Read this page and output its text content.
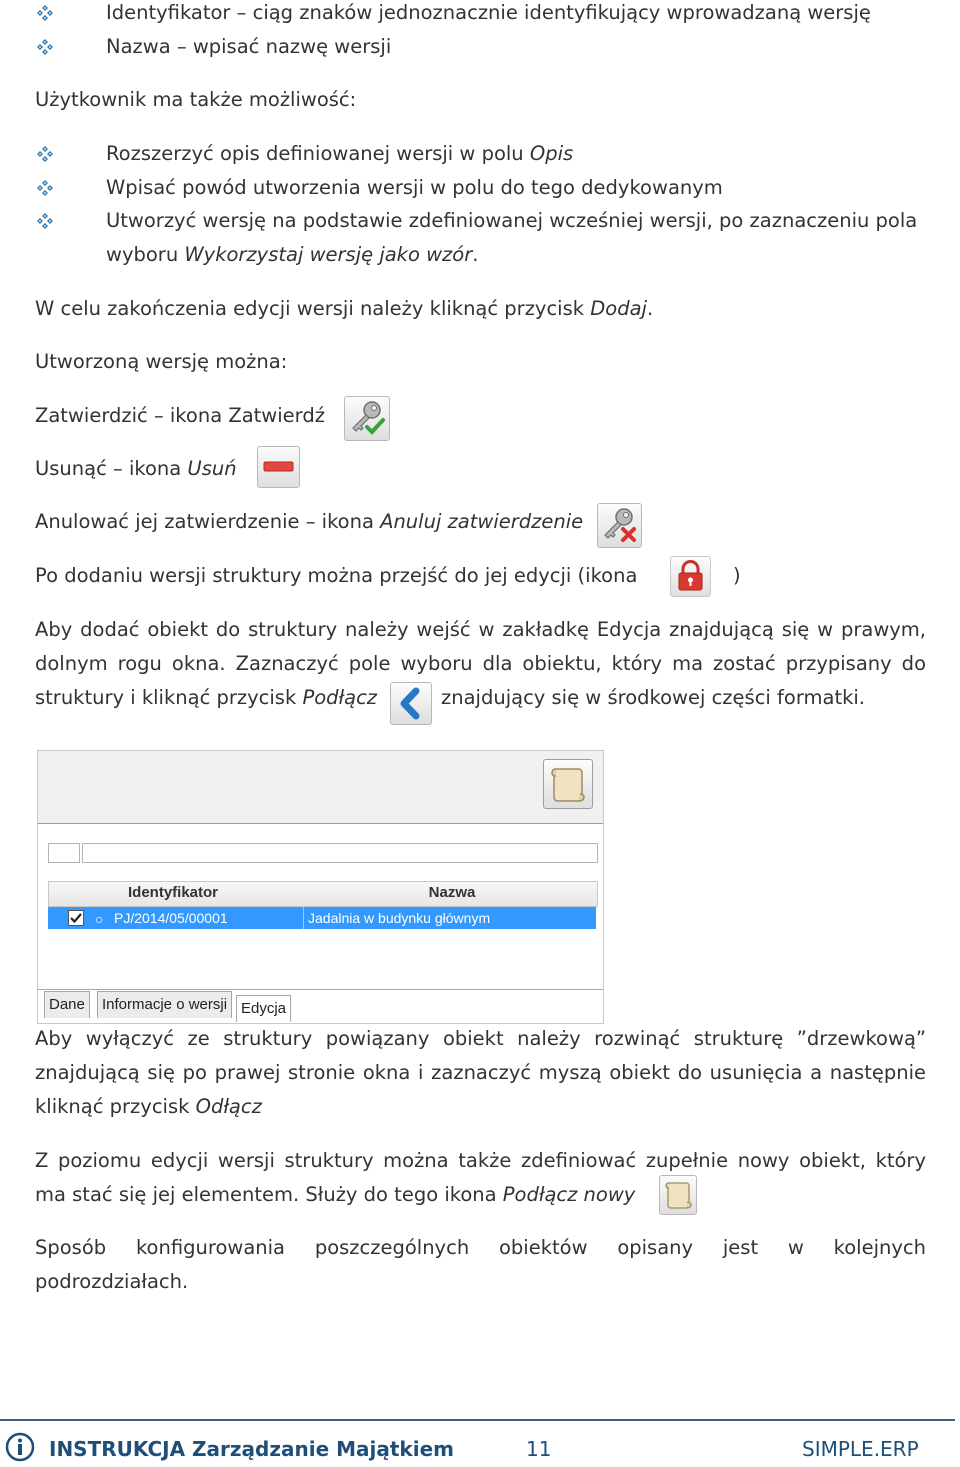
Identyfikator – ciąg znaków jednoznacznie identyfikujący wprowadzaną wersję
Nazwa – wpisać nazwę wersji
Użytkownik ma także możliwość:
Rozszerzyć opis definiowanej wersji w polu Opis
Wpisać powód utworzenia wersji w polu do tego dedykowanym
Utworzyć wersję na podstawie zdefiniowanej wcześniej wersji, po zaznaczeniu pola
wyboru Wykorzystaj wersję jako wzór.
W celu zakończenia edycji wersji należy kliknąć przycisk Dodaj.
Utworzoną wersję można:
Zatwierdzić – ikona Zatwierdź
Usunąć – ikona Usuń
Anulować jej zatwierdzenie – ikona Anuluj zatwierdzenie
Po dodaniu wersji struktury można przejść do jej edycji (ikona	)
Aby dodać obiekt do struktury należy wejść w zakładkę Edycja znajdującą się w prawym,
dolnym rogu okna. Zaznaczyć pole wyboru dla obiektu, który ma zostać przypisany do
struktury i kliknąć przycisk Podłącz	znajdujący się w środkowej części formatki.
Identyfikator	Nazwa
○ PJ/2014/05/00001	Jadalnia w budynku głównym
Dane	Informacje o wersji Edycja
Aby wyłączyć ze struktury powiązany obiekt należy rozwinąć strukturę ”drzewkową”
znajdującą się po prawej stronie okna i zaznaczyć myszą obiekt do usunięcia a następnie
kliknąć przycisk Odłącz
Z poziomu edycji wersji struktury można także zdefiniować zupełnie nowy obiekt, który
ma stać się jej elementem. Służy do tego ikona Podłącz nowy
Sposób konfigurowania poszczególnych obiektów opisany jest w kolejnych
podrozdziałach.
INSTRUKCJA Zarządzanie Majątkiem	11	SIMPLE.ERP
